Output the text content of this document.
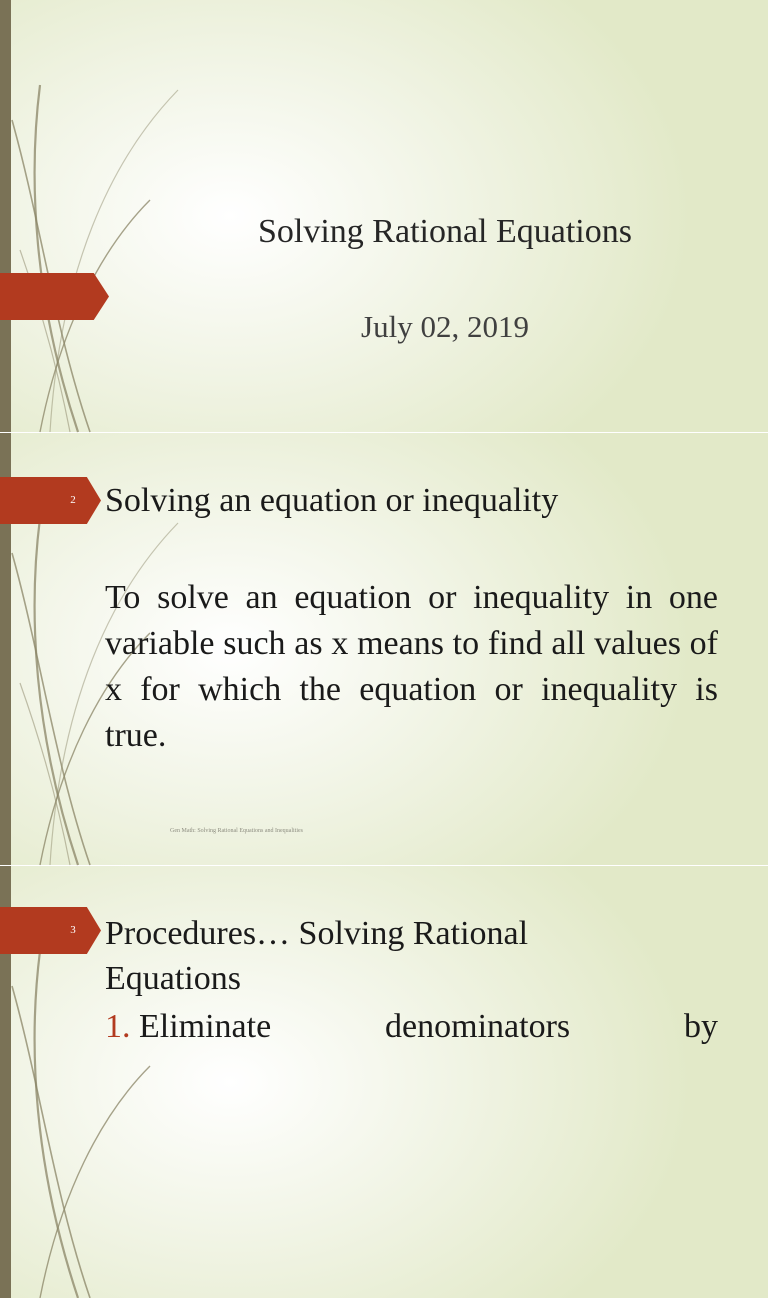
Solving Rational Equations
July 02, 2019
2 Solving an equation or inequality
To solve an equation or inequality in one variable such as x means to find all values of x for which the equation or inequality is true.
Gen Math: Solving Rational Equations and Inequalities
3 Procedures… Solving Rational Equations
1. Eliminate	denominators	by
